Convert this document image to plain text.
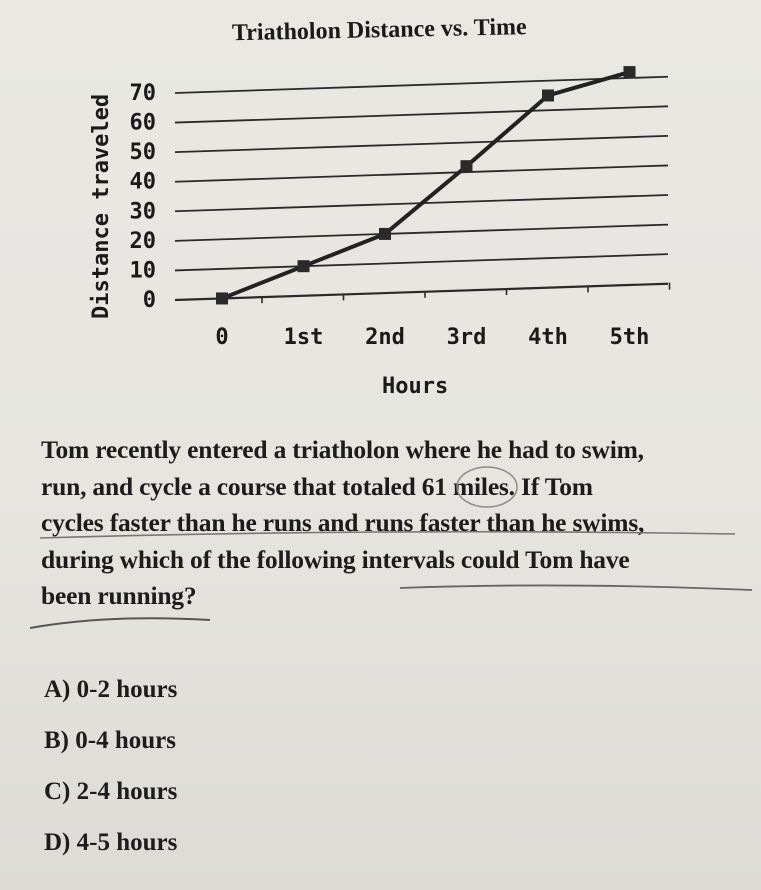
Triatholon Distance vs. Time
0
10
20
30
40
50
60
70
0	1st 2nd 3rd 4th 5th
Hours
Distance traveled
Tom recently entered a triatholon where he had to swim,
run, and cycle a course that totaled 61 miles. If Tom
cycles faster than he runs and runs faster than he swims,
during which of the following intervals could Tom have
been running?
A) 0-2 hours
B) 0-4 hours
C) 2-4 hours
D) 4-5 hours
